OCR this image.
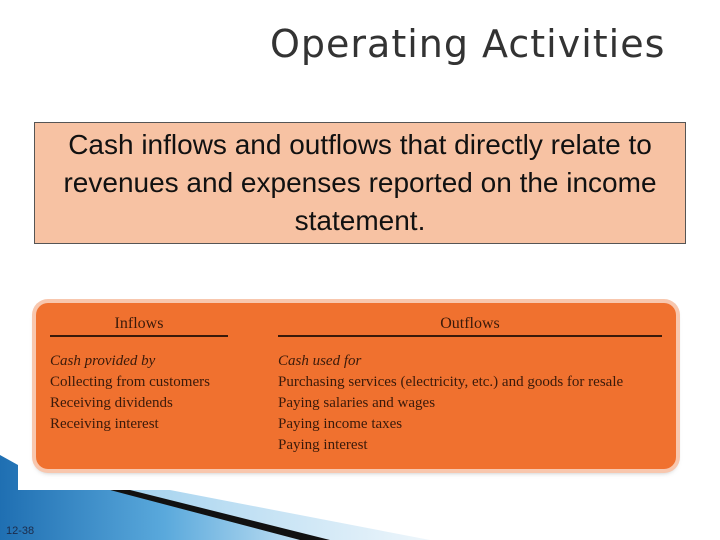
Operating Activities
Cash inflows and outflows that directly relate to revenues and expenses reported on the income statement.
Inflows
Cash provided by
Collecting from customers
Receiving dividends
Receiving interest
Outflows
Cash used for
Purchasing services (electricity, etc.) and goods for resale
Paying salaries and wages
Paying income taxes
Paying interest
12-38
